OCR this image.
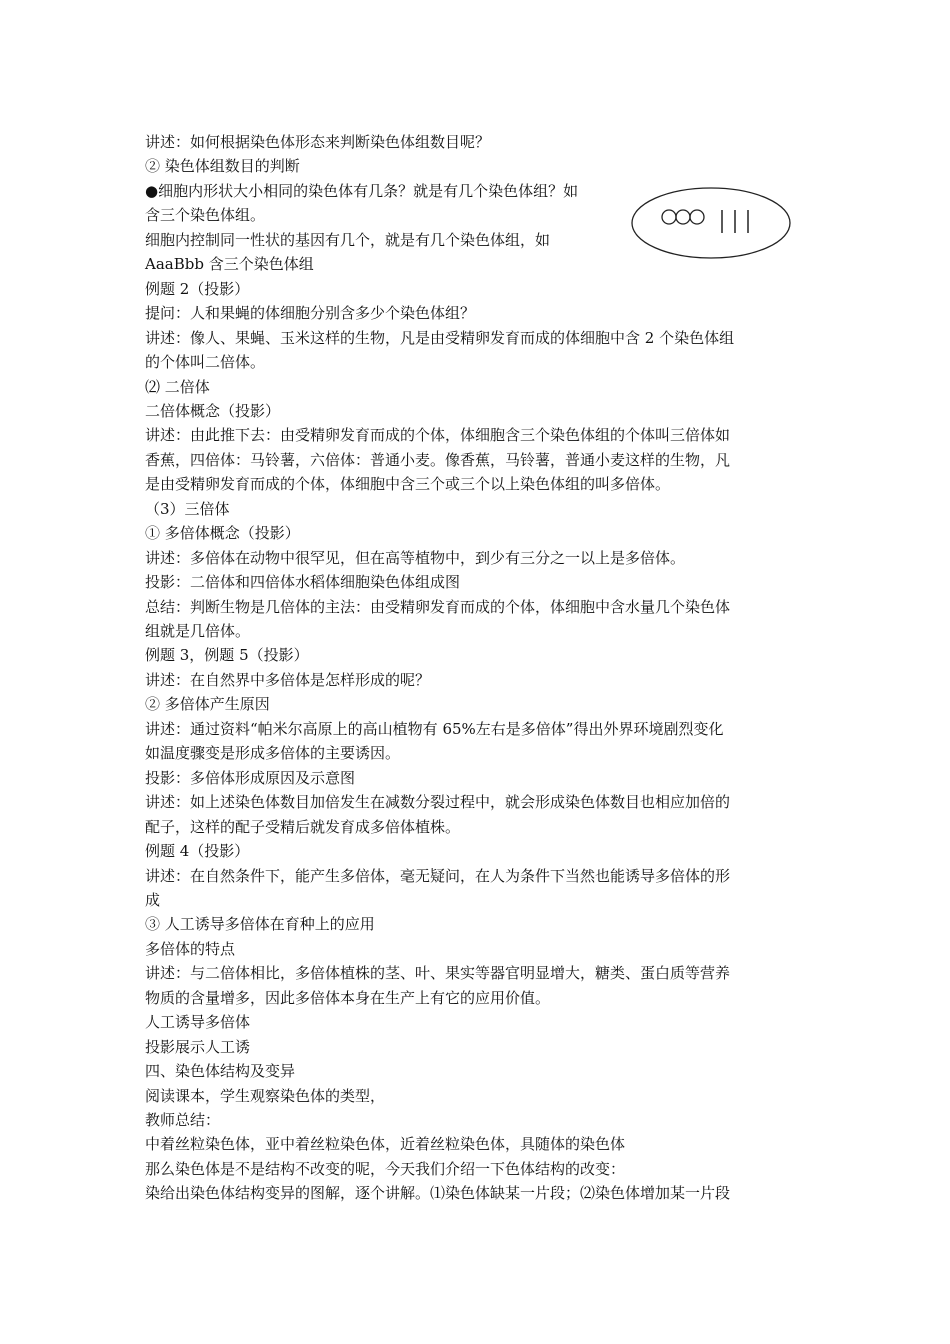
讲述：如何根据染色体形态来判断染色体组数目呢？
② 染色体组数目的判断
●细胞内形状大小相同的染色体有几条？就是有几个染色体组？如
含三个染色体组。
细胞内控制同一性状的基因有几个，就是有几个染色体组，如
AaaBbb 含三个染色体组
例题 2（投影）
提问：人和果蝇的体细胞分别含多少个染色体组？
讲述：像人、果蝇、玉米这样的生物，凡是由受精卵发育而成的体细胞中含 2 个染色体组
的个体叫二倍体。
⑵ 二倍体
二倍体概念（投影）
讲述：由此推下去：由受精卵发育而成的个体，体细胞含三个染色体组的个体叫三倍体如
香蕉，四倍体：马铃薯，六倍体：普通小麦。像香蕉，马铃薯，普通小麦这样的生物，凡
是由受精卵发育而成的个体，体细胞中含三个或三个以上染色体组的叫多倍体。
（3）三倍体
① 多倍体概念（投影）
讲述：多倍体在动物中很罕见，但在高等植物中，到少有三分之一以上是多倍体。
投影：二倍体和四倍体水稻体细胞染色体组成图
总结：判断生物是几倍体的主法：由受精卵发育而成的个体，体细胞中含水量几个染色体
组就是几倍体。
例题 3，例题 5（投影）
讲述：在自然界中多倍体是怎样形成的呢？
② 多倍体产生原因
讲述：通过资料“帕米尔高原上的高山植物有 65%左右是多倍体”得出外界环境剧烈变化
如温度骤变是形成多倍体的主要诱因。
投影：多倍体形成原因及示意图
讲述：如上述染色体数目加倍发生在减数分裂过程中，就会形成染色体数目也相应加倍的
配子，这样的配子受精后就发育成多倍体植株。
例题 4（投影）
讲述：在自然条件下，能产生多倍体，毫无疑问，在人为条件下当然也能诱导多倍体的形
成
③ 人工诱导多倍体在育种上的应用
多倍体的特点
讲述：与二倍体相比，多倍体植株的茎、叶、果实等器官明显增大，糖类、蛋白质等营养
物质的含量增多，因此多倍体本身在生产上有它的应用价值。
人工诱导多倍体
投影展示人工诱
四、染色体结构及变异
阅读课本，学生观察染色体的类型，
教师总结：
中着丝粒染色体，亚中着丝粒染色体，近着丝粒染色体，具随体的染色体
那么染色体是不是结构不改变的呢，今天我们介绍一下色体结构的改变：
染给出染色体结构变异的图解，逐个讲解。⑴染色体缺某一片段；⑵染色体增加某一片段
